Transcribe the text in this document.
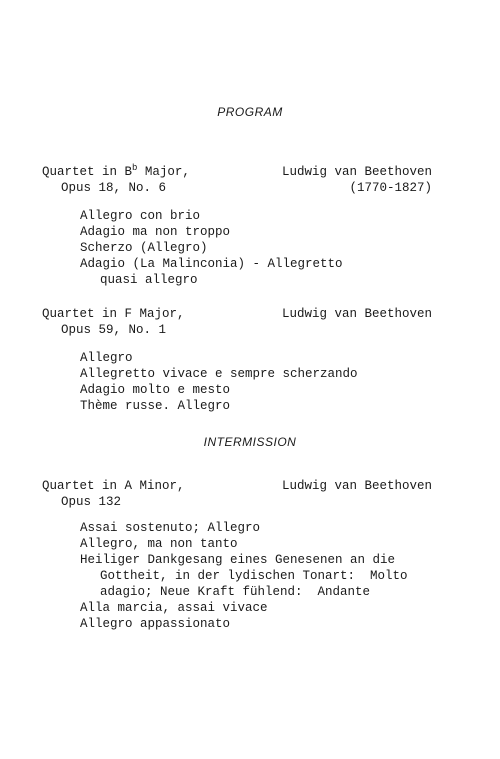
PROGRAM
Quartet in $B^b$ Major,
Opus 18, No. 6
Ludwig van Beethoven
(1770-1827)
Allegro con brio
Adagio ma non troppo
Scherzo (Allegro)
Adagio (La Malinconia) - Allegretto
quasi allegro
Quartet in F Major,
Opus 59, No. 1
Ludwig van Beethoven
Allegro
Allegretto vivace e sempre scherzando
Adagio molto e mesto
Thème russe. Allegro
INTERMISSION
Quartet in A Minor,
Opus 132
Ludwig van Beethoven
Assai sostenuto; Allegro
Allegro, ma non tanto
Heiliger Dankgesang eines Genesenen an die
Gottheit, in der lydischen Tonart:  Molto
adagio; Neue Kraft fühlend:  Andante
Alla marcia, assai vivace
Allegro appassionato
